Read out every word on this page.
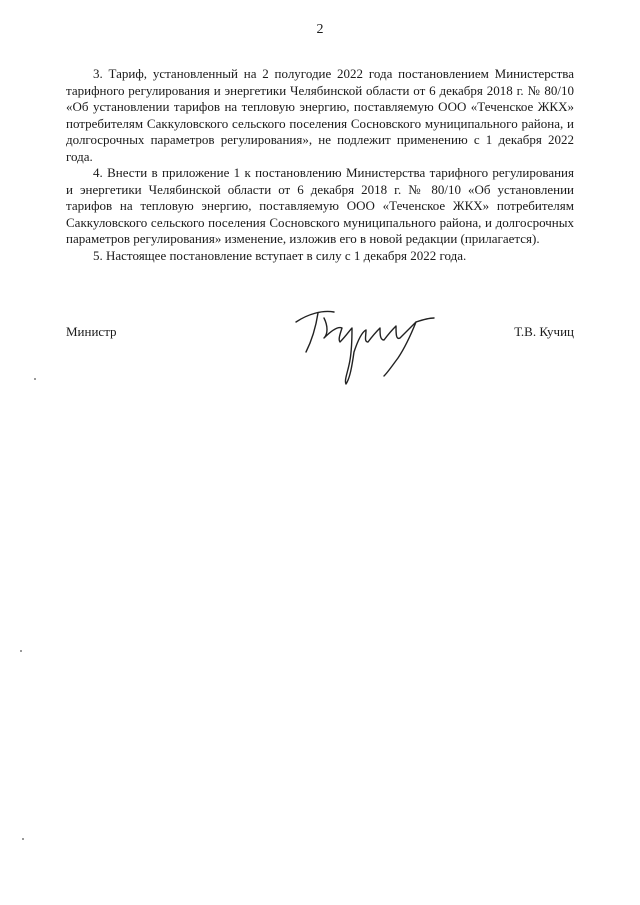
2

3. Тариф, установленный на 2 полугодие 2022 года постановлением Министерства тарифного регулирования и энергетики Челябинской области от 6 декабря 2018 г. № 80/10 «Об установлении тарифов на тепловую энергию, поставляемую ООО «Теченское ЖКХ» потребителям Саккуловского сельского поселения Сосновского муниципального района, и долгосрочных параметров регулирования», не подлежит применению с 1 декабря 2022 года.

4. Внести в приложение 1 к постановлению Министерства тарифного регулирования и энергетики Челябинской области от 6 декабря 2018 г. № 80/10 «Об установлении тарифов на тепловую энергию, поставляемую ООО «Теченское ЖКХ» потребителям Саккуловского сельского поселения Сосновского муниципального района, и долгосрочных параметров регулирования» изменение, изложив его в новой редакции (прилагается).

5. Настоящее постановление вступает в силу с 1 декабря 2022 года.

Министр	Т.В. Кучиц
